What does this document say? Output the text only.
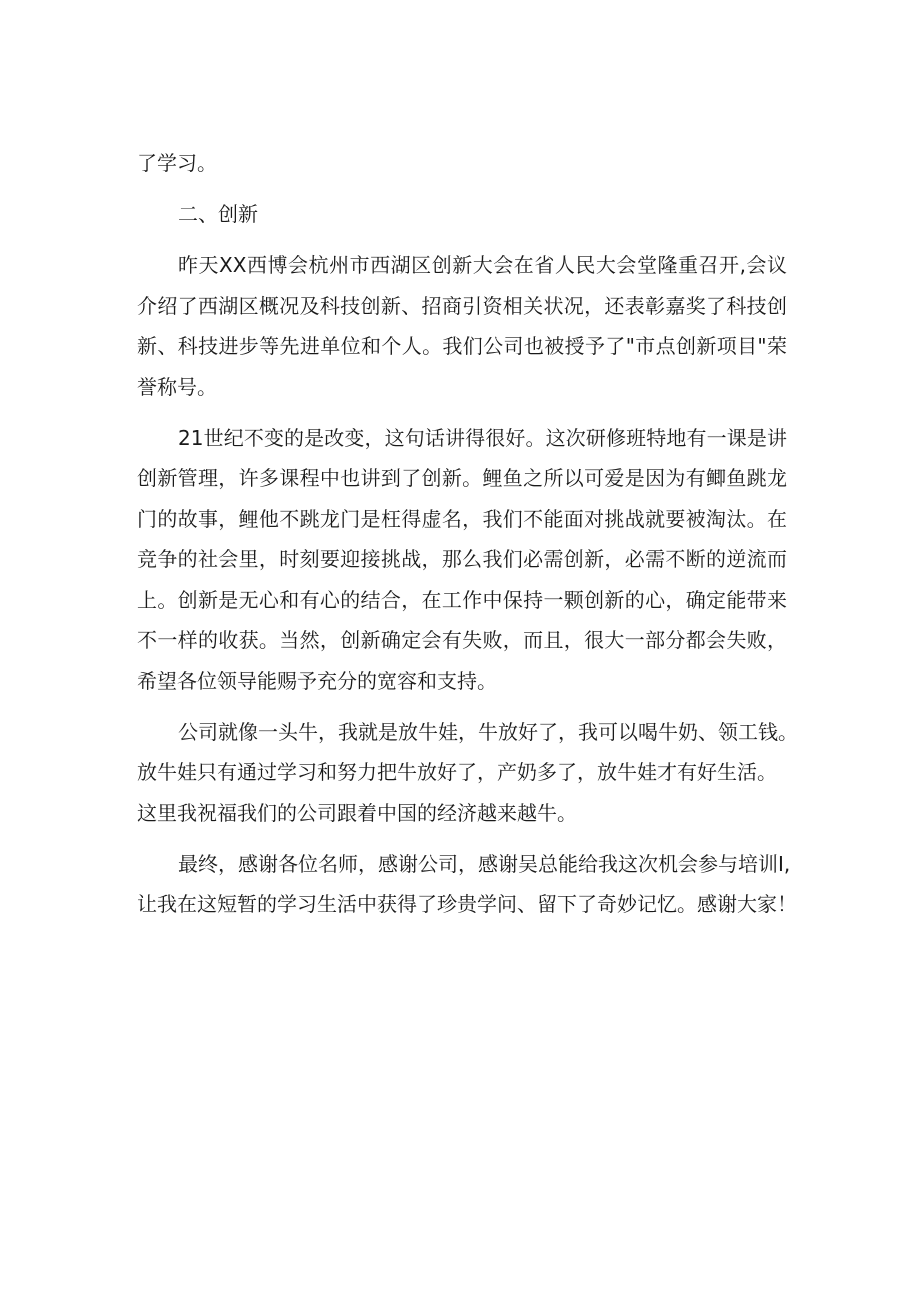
了学习。

二、创新

昨天XX西博会杭州市西湖区创新大会在省人民大会堂隆重召开,会议
介绍了西湖区概况及科技创新、招商引资相关状况，还表彰嘉奖了科技创
新、科技进步等先进单位和个人。我们公司也被授予了"市点创新项目"荣
誉称号。

21世纪不变的是改变，这句话讲得很好。这次研修班特地有一课是讲
创新管理，许多课程中也讲到了创新。鲤鱼之所以可爱是因为有鲫鱼跳龙
门的故事，鲤他不跳龙门是枉得虚名，我们不能面对挑战就要被淘汰。在
竞争的社会里，时刻要迎接挑战，那么我们必需创新，必需不断的逆流而
上。创新是无心和有心的结合，在工作中保持一颗创新的心，确定能带来
不一样的收获。当然，创新确定会有失败，而且，很大一部分都会失败，
希望各位领导能赐予充分的宽容和支持。

公司就像一头牛，我就是放牛娃，牛放好了，我可以喝牛奶、领工钱。
放牛娃只有通过学习和努力把牛放好了，产奶多了，放牛娃才有好生活。
这里我祝福我们的公司跟着中国的经济越来越牛。

最终，感谢各位名师，感谢公司，感谢吴总能给我这次机会参与培训I,
让我在这短暂的学习生活中获得了珍贵学问、留下了奇妙记忆。感谢大家！
